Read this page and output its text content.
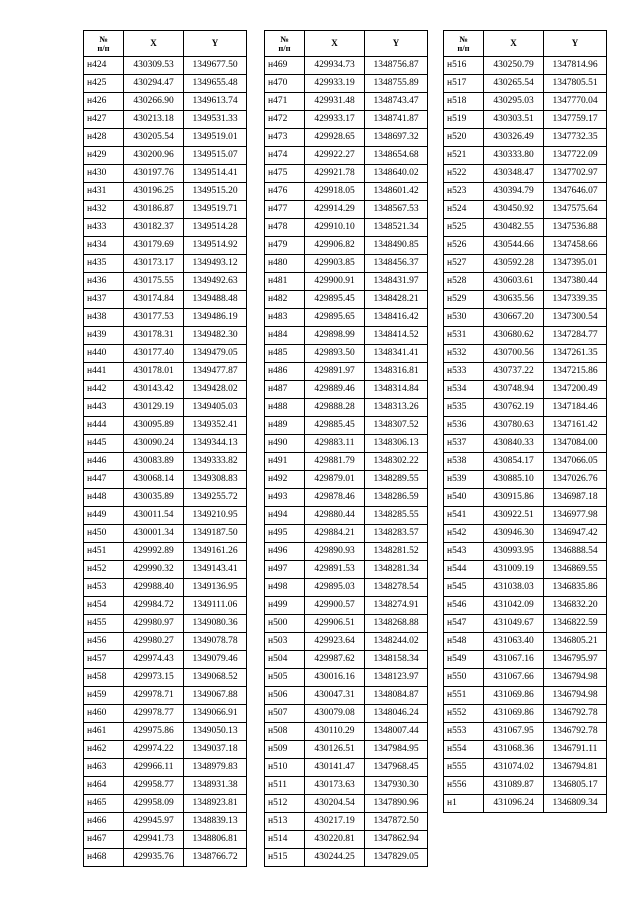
№
п/п	X	Y
н424	430309.53	1349677.50
н425	430294.47	1349655.48
н426	430266.90	1349613.74
н427	430213.18	1349531.33
н428	430205.54	1349519.01
н429	430200.96	1349515.07
н430	430197.76	1349514.41
н431	430196.25	1349515.20
н432	430186.87	1349519.71
н433	430182.37	1349514.28
н434	430179.69	1349514.92
н435	430173.17	1349493.12
н436	430175.55	1349492.63
н437	430174.84	1349488.48
н438	430177.53	1349486.19
н439	430178.31	1349482.30
н440	430177.40	1349479.05
н441	430178.01	1349477.87
н442	430143.42	1349428.02
н443	430129.19	1349405.03
н444	430095.89	1349352.41
н445	430090.24	1349344.13
н446	430083.89	1349333.82
н447	430068.14	1349308.83
н448	430035.89	1349255.72
н449	430011.54	1349210.95
н450	430001.34	1349187.50
н451	429992.89	1349161.26
н452	429990.32	1349143.41
н453	429988.40	1349136.95
н454	429984.72	1349111.06
н455	429980.97	1349080.36
н456	429980.27	1349078.78
н457	429974.43	1349079.46
н458	429973.15	1349068.52
н459	429978.71	1349067.88
н460	429978.77	1349066.91
н461	429975.86	1349050.13
н462	429974.22	1349037.18
н463	429966.11	1348979.83
н464	429958.77	1348931.38
н465	429958.09	1348923.81
н466	429945.97	1348839.13
н467	429941.73	1348806.81
н468	429935.76	1348766.72
№
п/п	X	Y
н469	429934.73	1348756.87
н470	429933.19	1348755.89
н471	429931.48	1348743.47
н472	429933.17	1348741.87
н473	429928.65	1348697.32
н474	429922.27	1348654.68
н475	429921.78	1348640.02
н476	429918.05	1348601.42
н477	429914.29	1348567.53
н478	429910.10	1348521.34
н479	429906.82	1348490.85
н480	429903.85	1348456.37
н481	429900.91	1348431.97
н482	429895.45	1348428.21
н483	429895.65	1348416.42
н484	429898.99	1348414.52
н485	429893.50	1348341.41
н486	429891.97	1348316.81
н487	429889.46	1348314.84
н488	429888.28	1348313.26
н489	429885.45	1348307.52
н490	429883.11	1348306.13
н491	429881.79	1348302.22
н492	429879.01	1348289.55
н493	429878.46	1348286.59
н494	429880.44	1348285.55
н495	429884.21	1348283.57
н496	429890.93	1348281.52
н497	429891.53	1348281.34
н498	429895.03	1348278.54
н499	429900.57	1348274.91
н500	429906.51	1348268.88
н503	429923.64	1348244.02
н504	429987.62	1348158.34
н505	430016.16	1348123.97
н506	430047.31	1348084.87
н507	430079.08	1348046.24
н508	430110.29	1348007.44
н509	430126.51	1347984.95
н510	430141.47	1347968.45
н511	430173.63	1347930.30
н512	430204.54	1347890.96
н513	430217.19	1347872.50
н514	430220.81	1347862.94
н515	430244.25	1347829.05
№
п/п	X	Y
н516	430250.79	1347814.96
н517	430265.54	1347805.51
н518	430295.03	1347770.04
н519	430303.51	1347759.17
н520	430326.49	1347732.35
н521	430333.80	1347722.09
н522	430348.47	1347702.97
н523	430394.79	1347646.07
н524	430450.92	1347575.64
н525	430482.55	1347536.88
н526	430544.66	1347458.66
н527	430592.28	1347395.01
н528	430603.61	1347380.44
н529	430635.56	1347339.35
н530	430667.20	1347300.54
н531	430680.62	1347284.77
н532	430700.56	1347261.35
н533	430737.22	1347215.86
н534	430748.94	1347200.49
н535	430762.19	1347184.46
н536	430780.63	1347161.42
н537	430840.33	1347084.00
н538	430854.17	1347066.05
н539	430885.10	1347026.76
н540	430915.86	1346987.18
н541	430922.51	1346977.98
н542	430946.30	1346947.42
н543	430993.95	1346888.54
н544	431009.19	1346869.55
н545	431038.03	1346835.86
н546	431042.09	1346832.20
н547	431049.67	1346822.59
н548	431063.40	1346805.21
н549	431067.16	1346795.97
н550	431067.66	1346794.98
н551	431069.86	1346794.98
н552	431069.86	1346792.78
н553	431067.95	1346792.78
н554	431068.36	1346791.11
н555	431074.02	1346794.81
н556	431089.87	1346805.17
н1	431096.24	1346809.34
